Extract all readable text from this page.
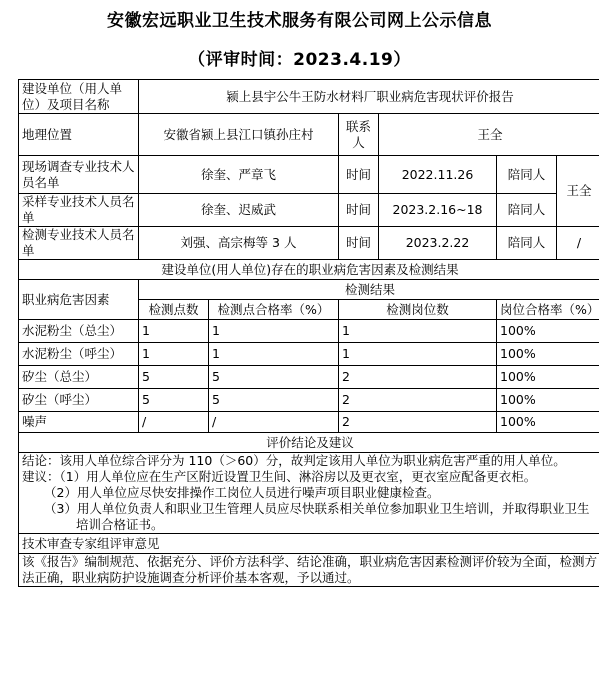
安徽宏远职业卫生技术服务有限公司网上公示信息
（评审时间：2023.4.19）
建设单位（用人单位）及项目名称	颍上县宇公牛王防水材料厂职业病危害现状评价报告					
地理位置	安徽省颍上县江口镇孙庄村		联系人	王全		
现场调查专业技术人员名单	徐奎、严章飞		时间	2022.11.26	陪同人	王全
采样专业技术人员名单	徐奎、迟威武		时间	2023.2.16~18	陪同人	
检测专业技术人员名单	刘强、高宗梅等 3 人		时间	2023.2.22	陪同人	/
建设单位(用人单位)存在的职业病危害因素及检测结果						
职业病危害因素	检测结果					
	检测点数	检测点合格率（%）	检测岗位数		岗位合格率（%）	
水泥粉尘（总尘）	1	1	1		100%	
水泥粉尘（呼尘）	1	1	1		100%	
矽尘（总尘）	5	5	2		100%	
矽尘（呼尘）	5	5	2		100%	
噪声	/	/	2		100%	
评价结论及建议						

结论：该用人单位综合评分为 110（＞60）分，故判定该用人单位为职业病危害严重的用人单位。
建议：（1）用人单位应在生产区附近设置卫生间、淋浴房以及更衣室，更衣室应配备更衣柜。
（2）用人单位应尽快安排操作工岗位人员进行噪声项目职业健康检查。
（3）用人单位负责人和职业卫生管理人员应尽快联系相关单位参加职业卫生培训，并取得职业卫生培训合格证书。						

技术审查专家组评审意见						
该《报告》编制规范、依据充分、评价方法科学、结论准确，职业病危害因素检测评价较为全面，检测方法正确，职业病防护设施调查分析评价基本客观，予以通过。						
